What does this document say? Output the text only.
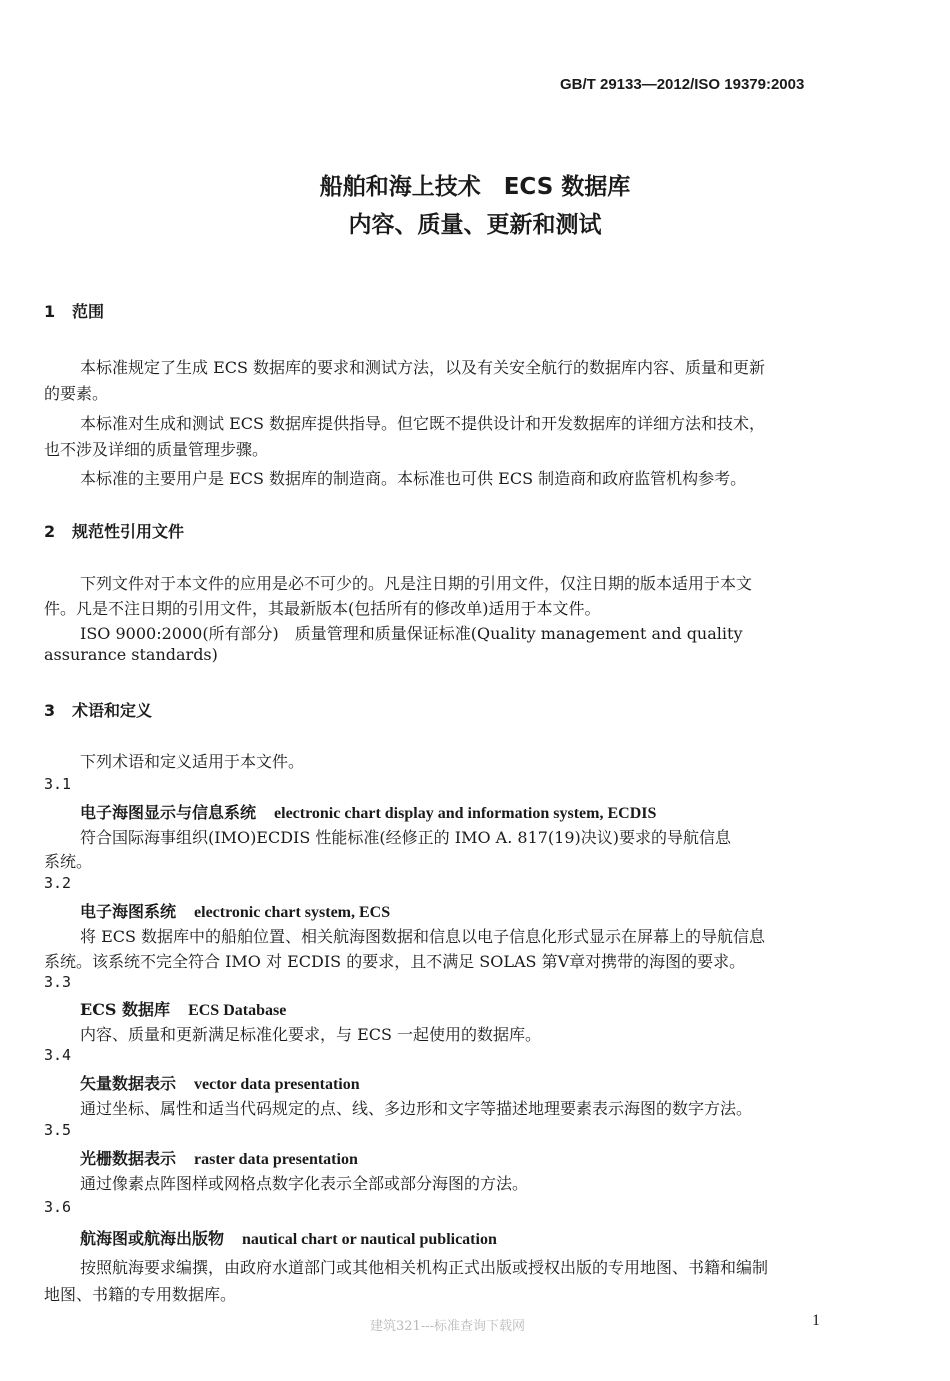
GB/T 29133—2012/ISO 19379:2003
船舶和海上技术　ECS 数据库
内容、质量、更新和测试
1 范围
本标准规定了生成 ECS 数据库的要求和测试方法，以及有关安全航行的数据库内容、质量和更新
的要素。
本标准对生成和测试 ECS 数据库提供指导。但它既不提供设计和开发数据库的详细方法和技术，
也不涉及详细的质量管理步骤。
本标准的主要用户是 ECS 数据库的制造商。本标准也可供 ECS 制造商和政府监管机构参考。
2 规范性引用文件
下列文件对于本文件的应用是必不可少的。凡是注日期的引用文件，仅注日期的版本适用于本文
件。凡是不注日期的引用文件，其最新版本(包括所有的修改单)适用于本文件。
ISO 9000:2000(所有部分)　质量管理和质量保证标准(Quality management and quality
assurance standards)
3 术语和定义
下列术语和定义适用于本文件。
3.1
电子海图显示与信息系统 electronic chart display and information system, ECDIS
符合国际海事组织(IMO)ECDIS 性能标准(经修正的 IMO A. 817(19)决议)要求的导航信息
系统。
3.2
电子海图系统 electronic chart system, ECS
将 ECS 数据库中的船舶位置、相关航海图数据和信息以电子信息化形式显示在屏幕上的导航信息
系统。该系统不完全符合 IMO 对 ECDIS 的要求，且不满足 SOLAS 第Ⅴ章对携带的海图的要求。
3.3
ECS 数据库 ECS Database
内容、质量和更新满足标准化要求，与 ECS 一起使用的数据库。
3.4
矢量数据表示 vector data presentation
通过坐标、属性和适当代码规定的点、线、多边形和文字等描述地理要素表示海图的数字方法。
3.5
光栅数据表示 raster data presentation
通过像素点阵图样或网格点数字化表示全部或部分海图的方法。
3.6
航海图或航海出版物 nautical chart or nautical publication
按照航海要求编撰，由政府水道部门或其他相关机构正式出版或授权出版的专用地图、书籍和编制
地图、书籍的专用数据库。
建筑321---标准查询下载网	1
